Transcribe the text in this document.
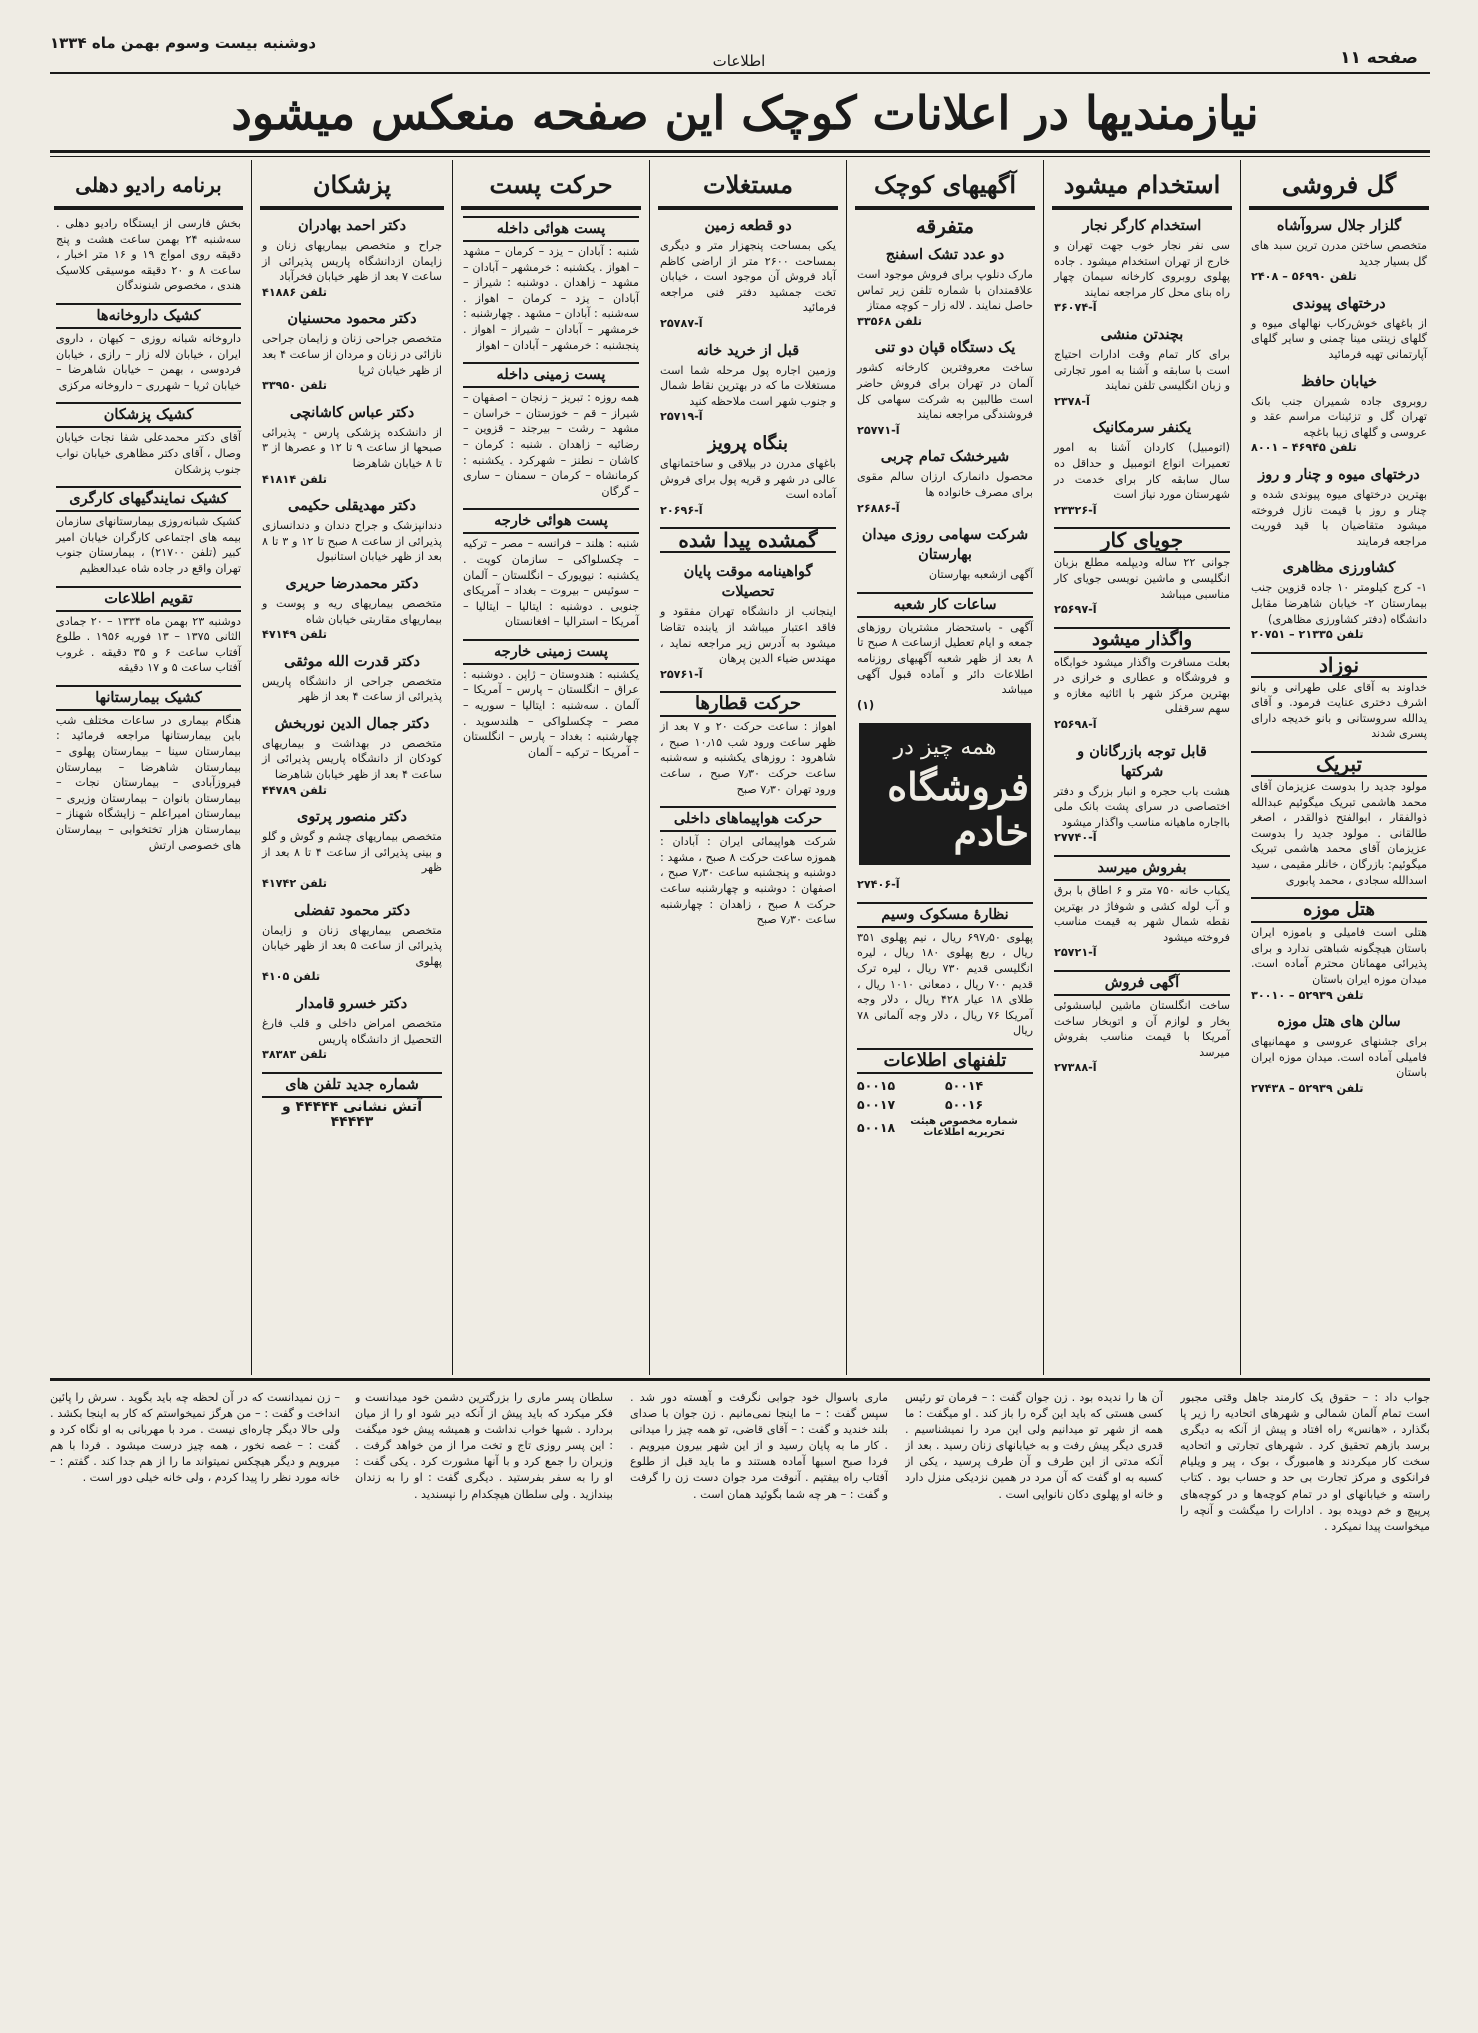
صفحه ۱۱
اطلاعات
دوشنبه بیست وسوم بهمن ماه ۱۳۳۴
نیازمندیها در اعلانات کوچک این صفحه منعکس میشود
گل فروشی
گلزار جلال سروآشاه

متخصص ساختن مدرن ترین سبد های گل بسیار جدید
تلفن ۵۶۹۹۰ – ۲۴۰۸

درختهای پیوندی

از باغهای خوش‌رکاب نهالهای میوه و گلهای زینتی مینا چمنی و سایر گلهای آپارتمانی تهیه فرمائید

خیابان حافظ

روبروی جاده شمیران جنب بانک تهران گل و تزئینات مراسم عقد و عروسی و گلهای زیبا باغچه
تلفن ۴۶۹۴۵ – ۸۰۰۱

درختهای میوه و چنار و روز

بهترین درختهای میوه پیوندی شده و چنار و روز با قیمت نازل فروخته میشود متقاضیان با قید فوریت مراجعه فرمایند

کشاورزی مظاهری

۱- کرج کیلومتر ۱۰ جاده قزوین جنب بیمارستان ۲- خیابان شاهرضا مقابل دانشگاه (دفتر کشاورزی مظاهری)
تلفن ۲۱۳۳۵ – ۲۰۷۵۱

نوزاد

خداوند به آقای علی طهرانی و بانو اشرف دختری عنایت فرمود. و آقای یدالله سروستانی و بانو خدیجه دارای پسری شدند

تبریک

مولود جدید را بدوست عزیزمان آقای محمد هاشمی تبریک میگوئیم عبدالله ذوالفقار ، ابوالفتح ذوالقدر ، اصغر طالقانی . مولود جدید را بدوست عزیزمان آقای محمد هاشمی تبریک میگوئیم: بازرگان ، خانلر مقیمی ، سید اسدالله سجادی ، محمد پابوری

هتل موزه

هتلی است فامیلی و باموزه ایران باستان هیچگونه شباهتی ندارد و برای پذیرائی مهمانان محترم آماده است. میدان موزه ایران باستان
تلفن ۵۲۹۳۹ – ۳۰۰۱۰

سالن های هتل موزه

برای جشنهای عروسی و مهمانیهای فامیلی آماده است. میدان موزه ایران باستان
تلفن ۵۲۹۳۹ – ۲۷۴۳۸

استخدام میشود
استخدام کارگر نجار

سی نفر نجار خوب جهت تهران و خارج از تهران استخدام میشود . جاده پهلوی روبروی کارخانه سیمان چهار راه بنای محل کار مراجعه نمایند
آ-۳۶۰۷۴

بچندتن منشی

برای کار تمام وقت ادارات احتیاج است با سابقه و آشنا به امور تجارتی و زبان انگلیسی تلفن نمایند
آ-۲۳۷۸

یکنفر سرمکانیک

(اتومبیل) کاردان آشنا به امور تعمیرات انواع اتومبیل و حداقل ده سال سابقه کار برای خدمت در شهرستان مورد نیاز است
آ-۲۳۳۲۶

جویای کار

جوانی ۲۲ ساله ودیپلمه مطلع بزبان انگلیسی و ماشین نویسی جویای کار مناسبی میباشد
آ-۲۵۶۹۷

واگذار میشود

بعلت مسافرت واگذار میشود خوابگاه و فروشگاه و عطاری و خرازی در بهترین مرکز شهر با اثاثیه مغازه و سهم سرقفلی
آ-۲۵۶۹۸

قابل توجه بازرگانان و شرکتها

هشت باب حجره و انبار بزرگ و دفتر اختصاصی در سرای پشت بانک ملی بااجاره ماهیانه مناسب واگذار میشود
آ-۲۷۷۴۰

بفروش میرسد

یکباب خانه ۷۵۰ متر و ۶ اطاق با برق و آب لوله کشی و شوفاژ در بهترین نقطه شمال شهر به قیمت مناسب فروخته میشود
آ-۲۵۷۲۱

آگهی فروش

ساخت انگلستان ماشین لباسشوئی بخار و لوازم آن و اتوبخار ساخت آمریکا با قیمت مناسب بفروش میرسد
آ-۲۷۳۸۸

آگهیهای کوچک
متفرقه
دو عدد تشک اسفنج

مارک دنلوپ برای فروش موجود است علاقمندان با شماره تلفن زیر تماس حاصل نمایند . لاله زار – کوچه ممتاز
تلفن ۳۳۵۶۸

یک دستگاه قپان دو تنی

ساخت معروفترین کارخانه کشور آلمان در تهران برای فروش حاضر است طالبین به شرکت سهامی کل فروشندگی مراجعه نمایند
آ-۲۵۷۷۱

شیرخشک تمام چربی

محصول دانمارک ارزان سالم مقوی برای مصرف خانواده ها
آ-۲۶۸۸۶

شرکت سهامی روزی میدان بهارستان

آگهی ازشعبه بهارستان

ساعات کار شعبه

آگهی - باستحضار مشتریان روزهای جمعه و ایام تعطیل ازساعت ۸ صبح تا ۸ بعد از ظهر شعبه آگهیهای روزنامه اطلاعات دائر و آماده قبول آگهی میباشد
(۱)

همه چیز در
فروشگاه خادم

آ-۲۷۴۰۶

نظارۀ مسکوک وسیم

پهلوی ۶۹۷٫۵۰ ریال ، نیم پهلوی ۳۵۱ ریال ، ربع پهلوی ۱۸۰ ریال ، لیره انگلیسی قدیم ۷۳۰ ریال ، لیره ترک قدیم ۷۰۰ ریال ، دمعانی ۱۰۱۰ ریال ، طلای ۱۸ عیار ۴۲۸ ریال ، دلار وجه آمریکا ۷۶ ریال ، دلار وجه آلمانی ۷۸ ریال

تلفنهای اطلاعات
۵۰۰۱۴	۵۰۰۱۵
۵۰۰۱۶	۵۰۰۱۷
شماره مخصوص هیئت تحریریه اطلاعات	۵۰۰۱۸
مستغلات
دو قطعه زمین

یکی بمساحت پنجهزار متر و دیگری بمساحت ۲۶۰۰ متر از اراضی کاظم آباد فروش آن موجود است ، خیابان تخت جمشید دفتر فنی مراجعه فرمائید
آ-۲۵۷۸۷

قبل از خرید خانه

وزمین اجاره پول مرحله شما است مستغلات ما که در بهترین نقاط شمال و جنوب شهر است ملاحظه کنید
آ-۲۵۷۱۹

بنگاه پرویز

باغهای مدرن در بیلاقی و ساختمانهای عالی در شهر و قریه پول برای فروش آماده است
آ-۲۰۶۹۶

گمشده پیدا شده
گواهینامه موقت پایان تحصیلات

اینجانب از دانشگاه تهران مفقود و فاقد اعتبار میباشد از یابنده تقاضا میشود به آدرس زیر مراجعه نماید ، مهندس ضیاء الدین پرهان
آ-۲۵۷۶۱

حرکت قطارها

اهواز : ساعت حرکت ۲۰ و ۷ بعد از ظهر ساعت ورود شب ۱۰٫۱۵ صبح ، شاهرود : روزهای یکشنبه و سه‌شنبه ساعت حرکت ۷٫۳۰ صبح ، ساعت ورود تهران ۷٫۳۰ صبح

حرکت هواپیماهای داخلی

شرکت هواپیمائی ایران : آبادان : هموزه ساعت حرکت ۸ صبح ، مشهد : دوشنبه و پنجشنبه ساعت ۷٫۳۰ صبح ، اصفهان : دوشنبه و چهارشنبه ساعت حرکت ۸ صبح ، زاهدان : چهارشنبه ساعت ۷٫۳۰ صبح

حرکت پست
پست هوائی داخله

شنبه : آبادان – یزد – کرمان – مشهد – اهواز . یکشنبه : خرمشهر – آبادان – مشهد – زاهدان . دوشنبه : شیراز – آبادان – یزد – کرمان – اهواز . سه‌شنبه : آبادان – مشهد . چهارشنبه : خرمشهر – آبادان – شیراز – اهواز . پنجشنبه : خرمشهر – آبادان – اهواز

پست زمینی داخله

همه روزه : تبریز – زنجان – اصفهان – شیراز – قم – خوزستان – خراسان – مشهد – رشت – بیرجند – قزوین – رضائیه – زاهدان . شنبه : کرمان – کاشان – نطنز – شهرکرد . یکشنبه : کرمانشاه – کرمان – سمنان – ساری – گرگان

پست هوائی خارجه

شنبه : هلند – فرانسه – مصر – ترکیه – چکسلواکی – سازمان کویت . یکشنبه : نیویورک – انگلستان – آلمان – سوئیس – بیروت – بغداد – آمریکای جنوبی . دوشنبه : ایتالیا – ایتالیا – آمریکا – استرالیا – افغانستان

پست زمینی خارجه

یکشنبه : هندوستان – ژاپن . دوشنبه : عراق – انگلستان – پارس – آمریکا – آلمان . سه‌شنبه : ایتالیا – سوریه – مصر – چکسلواکی – هلندسوید . چهارشنبه : بغداد – پارس – انگلستان – آمریکا – ترکیه – آلمان

پزشکان
دکتر احمد بهادران

جراح و متخصص بیماریهای زنان و زایمان ازدانشگاه پاریس پذیرائی از ساعت ۷ بعد از ظهر خیابان فخرآباد
تلفن ۴۱۸۸۶

دکتر محمود محسنیان

متخصص جراحی زنان و زایمان جراحی نازائی در زنان و مردان از ساعت ۴ بعد از ظهر خیابان ثریا
تلفن ۳۳۹۵۰

دکتر عباس کاشانچی

از دانشکده پزشکی پارس - پذیرائی صبحها از ساعت ۹ تا ۱۲ و عصرها از ۳ تا ۸ خیابان شاهرضا
تلفن ۴۱۸۱۴

دکتر مهدیقلی حکیمی

دندانپزشک و جراح دندان و دندانسازی پذیرائی از ساعت ۸ صبح تا ۱۲ و ۳ تا ۸ بعد از ظهر خیابان استانبول

دکتر محمدرضا حریری

متخصص بیماریهای ریه و پوست و بیماریهای مقاربتی خیابان شاه
تلفن ۴۷۱۴۹

دکتر قدرت الله موثقی

متخصص جراحی از دانشگاه پاریس پذیرائی از ساعت ۴ بعد از ظهر

دکتر جمال الدین نوربخش

متخصص در بهداشت و بیماریهای کودکان از دانشگاه پاریس پذیرائی از ساعت ۴ بعد از ظهر خیابان شاهرضا
تلفن ۴۴۷۸۹

دکتر منصور پرتوی

متخصص بیماریهای چشم و گوش و گلو و بینی پذیرائی از ساعت ۴ تا ۸ بعد از ظهر
تلفن ۴۱۷۴۲

دکتر محمود تفضلی

متخصص بیماریهای زنان و زایمان پذیرائی از ساعت ۵ بعد از ظهر خیابان پهلوی
تلفن ۴۱۰۵

دکتر خسرو قامدار

متخصص امراض داخلی و قلب فارغ التحصیل از دانشگاه پاریس
تلفن ۳۸۳۸۳

شماره جدید تلفن های

آتش نشانی ۴۴۴۴۴ و ۴۴۴۴۳

برنامه رادیو دهلی

بخش فارسی از ایستگاه رادیو دهلی . سه‌شنبه ۲۴ بهمن ساعت هشت و پنج دقیقه روی امواج ۱۹ و ۱۶ متر اخبار ، ساعت ۸ و ۲۰ دقیقه موسیقی کلاسیک هندی ، مخصوص شنوندگان

کشیک داروخانه‌ها

داروخانه شبانه روزی – کیهان ، داروی ایران ، خیابان لاله زار – رازی ، خیابان فردوسی ، بهمن – خیابان شاهرضا – خیابان ثریا – شهرری – داروخانه مرکزی

کشیک پزشکان

آقای دکتر محمدعلی شفا نجات خیابان وصال ، آقای دکتر مظاهری خیابان نواب جنوب پزشکان

کشیک نمایندگیهای کارگری

کشیک شبانه‌روزی بیمارستانهای سازمان بیمه های اجتماعی کارگران خیابان امیر کبیر (تلفن ۲۱۷۰۰) ، بیمارستان جنوب تهران واقع در جاده شاه عبدالعظیم

تقویم اطلاعات

دوشنبه ۲۳ بهمن ماه ۱۳۳۴ – ۲۰ جمادی الثانی ۱۳۷۵ – ۱۳ فوریه ۱۹۵۶ . طلوع آفتاب ساعت ۶ و ۳۵ دقیقه . غروب آفتاب ساعت ۵ و ۱۷ دقیقه

کشیک بیمارستانها

هنگام بیماری در ساعات مختلف شب باین بیمارستانها مراجعه فرمائید : بیمارستان سینا – بیمارستان پهلوی – بیمارستان شاهرضا – بیمارستان فیروزآبادی – بیمارستان نجات – بیمارستان بانوان – بیمارستان وزیری – بیمارستان امیراعلم – زایشگاه شهناز – بیمارستان هزار تختخوابی – بیمارستان های خصوصی ارتش

جواب داد : – حقوق یک کارمند جاهل وقتی مجبور است تمام آلمان شمالی و شهرهای اتحادیه را زیر پا بگذارد ، «هانس» راه افتاد و پیش از آنکه به دیگری برسد بازهم تحقیق کرد . شهرهای تجارتی و اتحادیه سخت کار میکردند و هامبورگ ، بوک ، پیر و ویلیام فرانکوی و مرکز تجارت بی حد و حساب بود . کتاب راسته و خیابانهای او در تمام کوچه‌ها و در کوچه‌های پرپیچ و خم دویده بود . ادارات را میگشت و آنچه را میخواست پیدا نمیکرد .

آن ها را ندیده بود . زن جوان گفت : – فرمان تو رئیس کسی هستی که باید این گره را باز کند . او میگفت : ما همه از شهر تو میدانیم ولی این مرد را نمیشناسیم . قدری دیگر پیش رفت و به خیابانهای زنان رسید . بعد از آنکه مدتی از این طرف و آن طرف پرسید ، یکی از کسبه به او گفت که آن مرد در همین نزدیکی منزل دارد و خانه او پهلوی دکان نانوایی است .

ماری باسوال خود جوابی نگرفت و آهسته دور شد . سپس گفت : – ما اینجا نمی‌مانیم . زن جوان با صدای بلند خندید و گفت : – آقای قاضی، تو همه چیز را میدانی . کار ما به پایان رسید و از این شهر بیرون میرویم . فردا صبح اسبها آماده هستند و ما باید قبل از طلوع آفتاب راه بیفتیم . آنوقت مرد جوان دست زن را گرفت و گفت : – هر چه شما بگوئید همان است .

سلطان پسر ماری را بزرگترین دشمن خود میدانست و فکر میکرد که باید پیش از آنکه دیر شود او را از میان بردارد . شبها خواب نداشت و همیشه پیش خود میگفت : این پسر روزی تاج و تخت مرا از من خواهد گرفت . وزیران را جمع کرد و با آنها مشورت کرد . یکی گفت : او را به سفر بفرستید . دیگری گفت : او را به زندان بیندازید . ولی سلطان هیچکدام را نپسندید .

– زن نمیدانست که در آن لحظه چه باید بگوید . سرش را پائین انداخت و گفت : – من هرگز نمیخواستم که کار به اینجا بکشد . ولی حالا دیگر چاره‌ای نیست . مرد با مهربانی به او نگاه کرد و گفت : – غصه نخور ، همه چیز درست میشود . فردا با هم میرویم و دیگر هیچکس نمیتواند ما را از هم جدا کند . گفتم : – خانه مورد نظر را پیدا کردم ، ولی خانه خیلی دور است .
